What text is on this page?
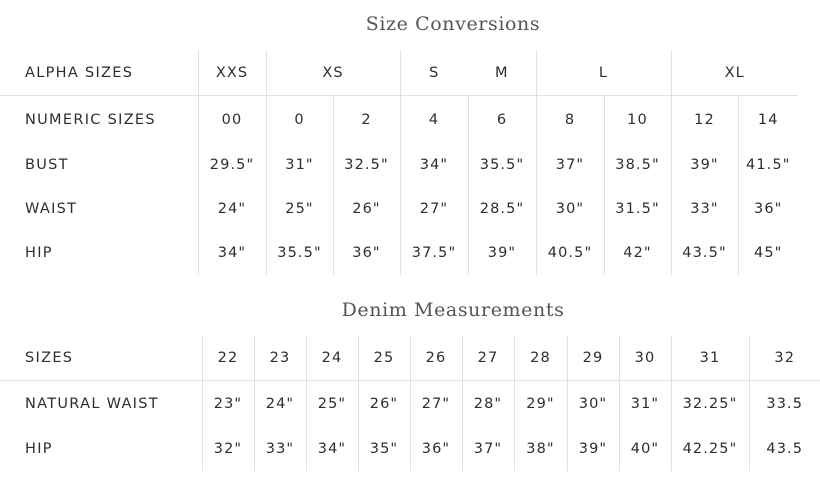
Size Conversions
ALPHA SIZES	XXS	XS		S	M	L		XL	
NUMERIC SIZES	00	0	2	4	6	8	10	12	14
BUST	29.5"	31"	32.5"	34"	35.5"	37"	38.5"	39"	41.5"
WAIST	24"	25"	26"	27"	28.5"	30"	31.5"	33"	36"
HIP	34"	35.5"	36"	37.5"	39"	40.5"	42"	43.5"	45"
Denim Measurements
SIZES	22	23	24	25	26	27	28	29	30	31	32
NATURAL WAIST	23"	24"	25"	26"	27"	28"	29"	30"	31"	32.25"	33.5
HIP	32"	33"	34"	35"	36"	37"	38"	39"	40"	42.25"	43.5
